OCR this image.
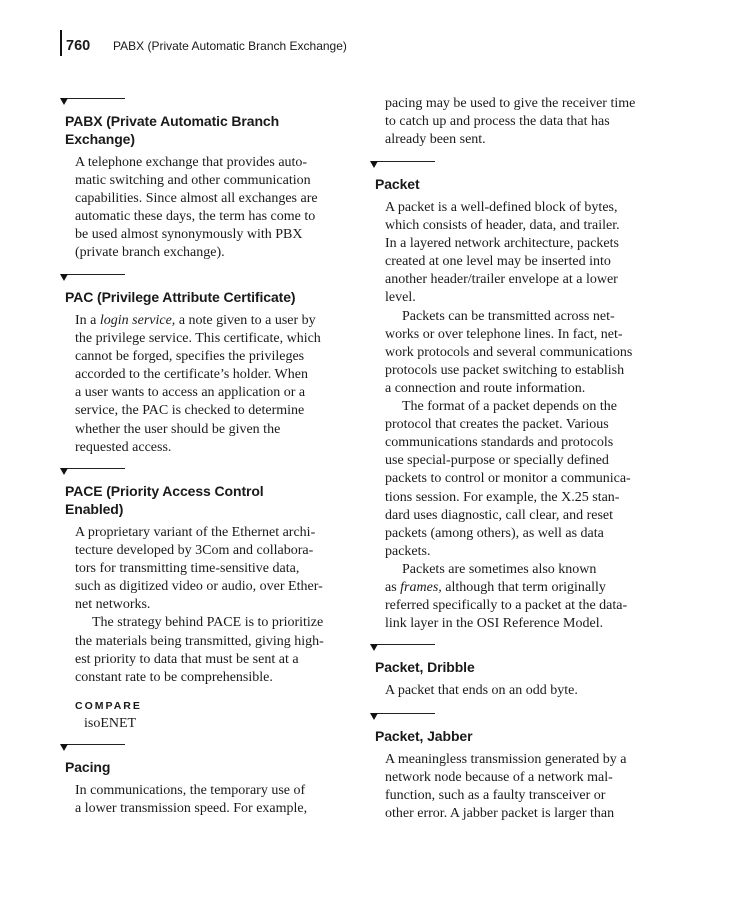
760 PABX (Private Automatic Branch Exchange)
PABX (Private Automatic Branch
Exchange)
A telephone exchange that provides auto-
matic switching and other communication
capabilities. Since almost all exchanges are
automatic these days, the term has come to
be used almost synonymously with PBX
(private branch exchange).
PAC (Privilege Attribute Certificate)
In a login service, a note given to a user by
the privilege service. This certificate, which
cannot be forged, specifies the privileges
accorded to the certificate’s holder. When
a user wants to access an application or a
service, the PAC is checked to determine
whether the user should be given the
requested access.
PACE (Priority Access Control
Enabled)
A proprietary variant of the Ethernet archi-
tecture developed by 3Com and collabora-
tors for transmitting time-sensitive data,
such as digitized video or audio, over Ether-
net networks.
The strategy behind PACE is to prioritize
the materials being transmitted, giving high-
est priority to data that must be sent at a
constant rate to be comprehensible.
COMPARE
isoENET
Pacing
In communications, the temporary use of
a lower transmission speed. For example,
pacing may be used to give the receiver time
to catch up and process the data that has
already been sent.
Packet
A packet is a well-defined block of bytes,
which consists of header, data, and trailer.
In a layered network architecture, packets
created at one level may be inserted into
another header/trailer envelope at a lower
level.
Packets can be transmitted across net-
works or over telephone lines. In fact, net-
work protocols and several communications
protocols use packet switching to establish
a connection and route information.
The format of a packet depends on the
protocol that creates the packet. Various
communications standards and protocols
use special-purpose or specially defined
packets to control or monitor a communica-
tions session. For example, the X.25 stan-
dard uses diagnostic, call clear, and reset
packets (among others), as well as data
packets.
Packets are sometimes also known
as frames, although that term originally
referred specifically to a packet at the data-
link layer in the OSI Reference Model.
Packet, Dribble
A packet that ends on an odd byte.
Packet, Jabber
A meaningless transmission generated by a
network node because of a network mal-
function, such as a faulty transceiver or
other error. A jabber packet is larger than
